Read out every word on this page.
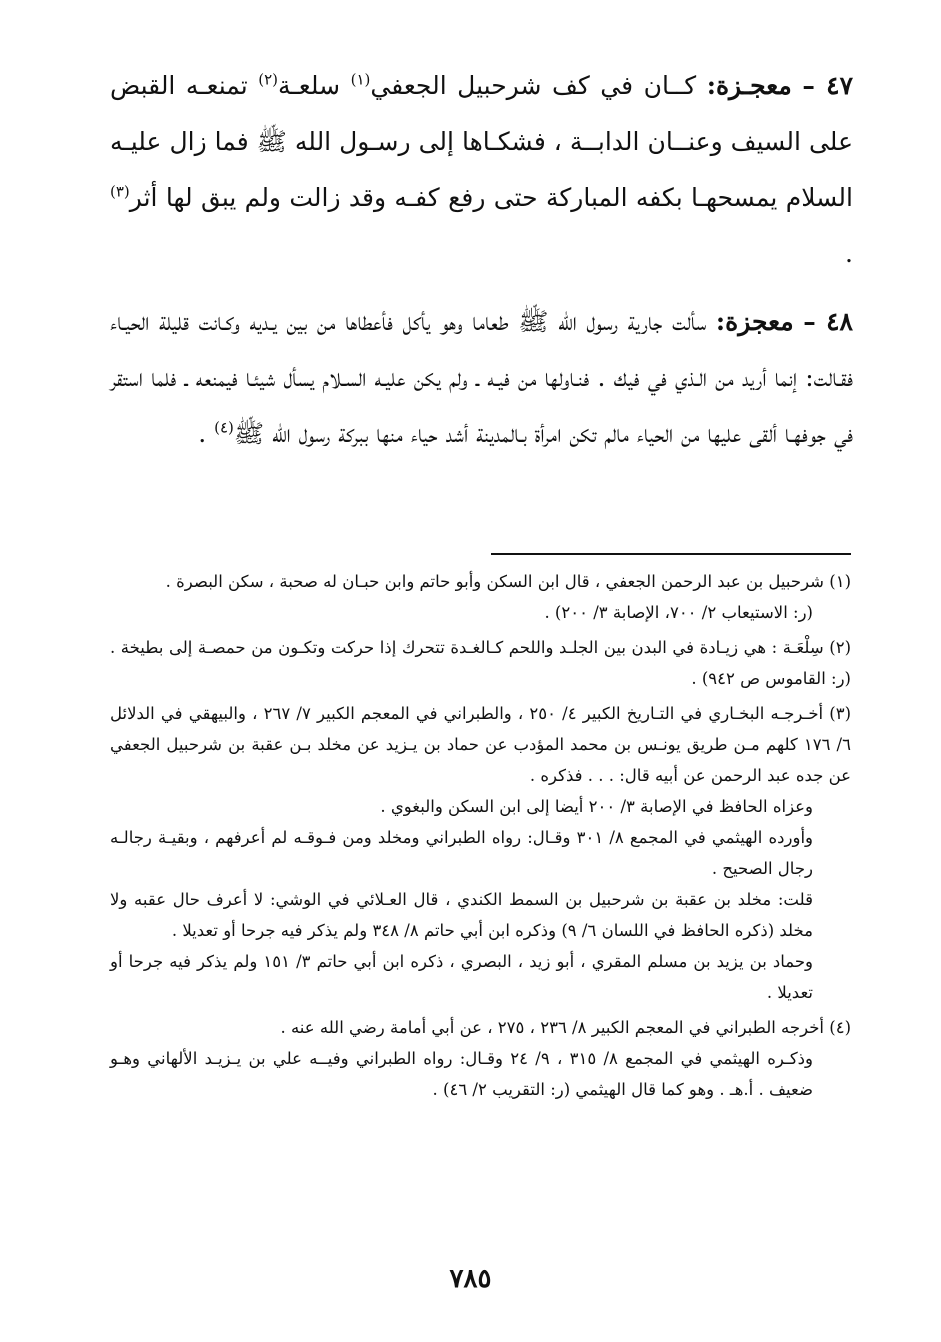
٤٧ – معجـزة: كــان في كف شرحبيل الجعفي$^{(١)}$ سلعـة$^{(٢)}$ تمنعـه القبض على السيف وعنــان الدابــة ، فشكـاها إلى رسـول الله ﷺ فما زال عليـه السلام يمسحهـا بكفه المباركة حتى رفع كفـه وقد زالت ولم يبق لها أثر$^{(٣)}$ .

٤٨ – معجزة: سألت جارية رسول الله ﷺ طعاما وهو يأكل فأعطاها من بين يـديه وكـانت قليلة الحيـاء فقـالت: إنما أريد من الـذي في فيك . فنـاولها من فيـه ـ ولم يكن عليـه السـلام يسأل شيئـا فيمنعه ـ فلما استقر في جوفهـا ألقى عليها من الحياء مالم تكن امرأة بـالمدينة أشد حياء منها ببركة رسول الله ﷺ$^{(٤)}$ .

(١) شرحبيل بن عبد الرحمن الجعفي ، قال ابن السكن وأبو حاتم وابن حبـان له صحبة ، سكن البصرة .
(ر: الاستيعاب ٢/ ٧٠٠، الإصابة ٣/ ٢٠٠) .
(٢) سِلْعَـة : هي زيـادة في البدن بين الجلـد واللحم كـالغـدة تتحرك إذا حركت وتكـون من حمصـة إلى بطيخة . (ر: القاموس ص ٩٤٢) .
(٣) أخـرجـه البخـاري في التـاريخ الكبير ٤/ ٢٥٠ ، والطبراني في المعجم الكبير ٧/ ٢٦٧ ، والبيهقي في الدلائل ٦/ ١٧٦ كلهم مـن طريق يونـس بن محمد المؤدب عن حماد بن يـزيد عن مخلد بـن عقبة بن شرحبيل الجعفي عن جده عبد الرحمن عن أبيه قال: . . . فذكره .
وعزاه الحافظ في الإصابة ٣/ ٢٠٠ أيضا إلى ابن السكن والبغوي .
وأورده الهيثمي في المجمع ٨/ ٣٠١ وقـال: رواه الطبراني ومخلد ومن فـوقـه لم أعرفهم ، وبقيـة رجالـه رجال الصحيح .
قلت: مخلد بن عقبة بن شرحبيل بن السمط الكندي ، قال العـلائي في الوشي: لا أعرف حال عقبه ولا مخلد (ذكره الحافظ في اللسان ٦/ ٩) وذكره ابن أبي حاتم ٨/ ٣٤٨ ولم يذكر فيه جرحا أو تعديلا .
وحماد بن يزيد بن مسلم المقري ، أبو زيد ، البصري ، ذكره ابن أبي حاتم ٣/ ١٥١ ولم يذكر فيه جرحا أو تعديلا .
(٤) أخرجه الطبراني في المعجم الكبير ٨/ ٢٣٦ ، ٢٧٥ ، عن أبي أمامة رضي الله عنه .
وذكـره الهيثمي في المجمع ٨/ ٣١٥ ، ٩/ ٢٤ وقـال: رواه الطبراني وفيــه علي بن يـزيـد الألهاني وهـو ضعيف . أ.هـ . وهو كما قال الهيثمي (ر: التقريب ٢/ ٤٦) .
٧٨٥
